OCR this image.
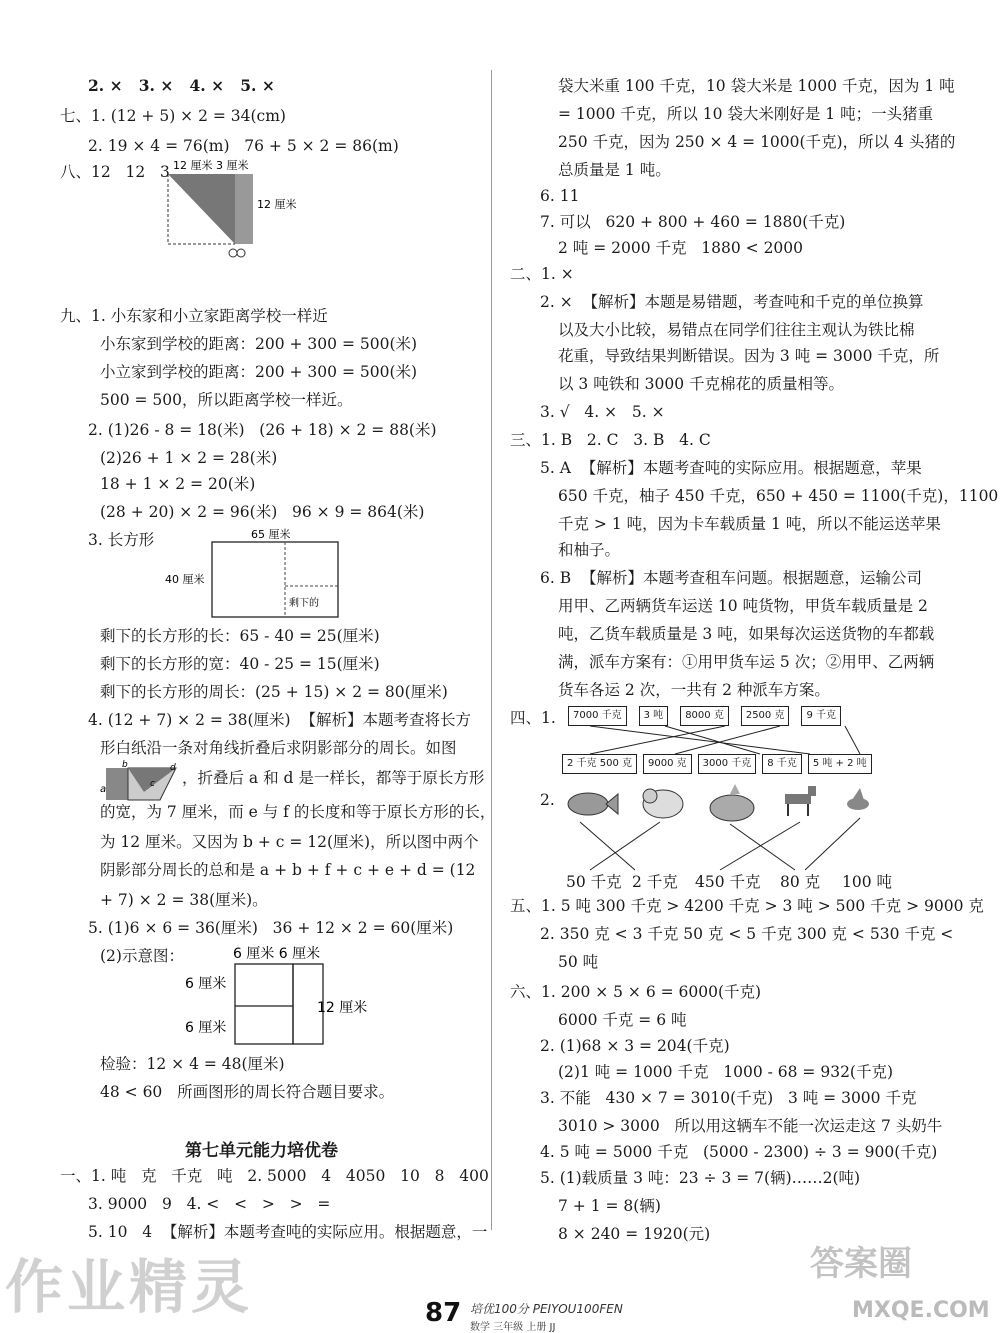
2. ×   3. ×   4. ×   5. ×
七、1. (12 + 5) × 2 = 34(cm)
2. 19 × 4 = 76(m)   76 + 5 × 2 = 86(m)
八、12   12   3 12 厘米 3 厘米
12 厘米
九、1. 小东家和小立家距离学校一样近
小东家到学校的距离：200 + 300 = 500(米)
小立家到学校的距离：200 + 300 = 500(米)
500 = 500，所以距离学校一样近。
2. (1)26 - 8 = 18(米)   (26 + 18) × 2 = 88(米)
(2)26 + 1 × 2 = 28(米)
18 + 1 × 2 = 20(米)
(28 + 20) × 2 = 96(米)   96 × 9 = 864(米)
3. 长方形	65 厘米
40 厘米
剩下的
剩下的长方形的长：65 - 40 = 25(厘米)
剩下的长方形的宽：40 - 25 = 15(厘米)
剩下的长方形的周长：(25 + 15) × 2 = 80(厘米)
4. (12 + 7) × 2 = 38(厘米)  【解析】本题考查将长方
形白纸沿一条对角线折叠后求阴影部分的周长。如图
a
b
c
d
，折叠后 a 和 d 是一样长，都等于原长方形
的宽，为 7 厘米，而 e 与 f 的长度和等于原长方形的长，
为 12 厘米。又因为 b + c = 12(厘米)，所以图中两个
阴影部分周长的总和是 a + b + f + c + e + d = (12
+ 7) × 2 = 38(厘米)。
5. (1)6 × 6 = 36(厘米)   36 + 12 × 2 = 60(厘米)
(2)示意图：	6 厘米 6 厘米
6 厘米
6 厘米
12 厘米
检验：12 × 4 = 48(厘米)
48 < 60   所画图形的周长符合题目要求。
第七单元能力培优卷
一、1. 吨   克   千克   吨   2. 5000   4   4050   10   8   400
3. 9000   9   4. <   <   >   >   =
5. 10   4  【解析】本题考查吨的实际应用。根据题意，一
袋大米重 100 千克，10 袋大米是 1000 千克，因为 1 吨
= 1000 千克，所以 10 袋大米刚好是 1 吨；一头猪重
250 千克，因为 250 × 4 = 1000(千克)，所以 4 头猪的
总质量是 1 吨。
6. 11
7. 可以   620 + 800 + 460 = 1880(千克)
2 吨 = 2000 千克   1880 < 2000
二、1. ×
2. ×  【解析】本题是易错题，考查吨和千克的单位换算
以及大小比较，易错点在同学们往往主观认为铁比棉
花重，导致结果判断错误。因为 3 吨 = 3000 千克，所
以 3 吨铁和 3000 千克棉花的质量相等。
3. √   4. ×   5. ×
三、1. B   2. C   3. B   4. C
5. A  【解析】本题考查吨的实际应用。根据题意，苹果
650 千克，柚子 450 千克，650 + 450 = 1100(千克)，1100
千克 > 1 吨，因为卡车载质量 1 吨，所以不能运送苹果
和柚子。
6. B  【解析】本题考查租车问题。根据题意，运输公司
用甲、乙两辆货车运送 10 吨货物，甲货车载质量是 2
吨，乙货车载质量是 3 吨，如果每次运送货物的车都载
满，派车方案有：①用甲货车运 5 次；②用甲、乙两辆
货车各运 2 次，一共有 2 种派车方案。
四、1.	7000 千克	3 吨	8000 克	2500 克	9 千克
2 千克 500 克	9000 克	3000 千克	8 千克	5 吨 + 2 吨
2.
50 千克 2 千克 450 千克 80 克 100 吨
五、1. 5 吨 300 千克 > 4200 千克 > 3 吨 > 500 千克 > 9000 克
2. 350 克 < 3 千克 50 克 < 5 千克 300 克 < 530 千克 <
50 吨
六、1. 200 × 5 × 6 = 6000(千克)
6000 千克 = 6 吨
2. (1)68 × 3 = 204(千克)
(2)1 吨 = 1000 千克   1000 - 68 = 932(千克)
3. 不能   430 × 7 = 3010(千克)   3 吨 = 3000 千克
3010 > 3000   所以用这辆车不能一次运走这 7 头奶牛
4. 5 吨 = 5000 千克   (5000 - 2300) ÷ 3 = 900(千克)
5. (1)载质量 3 吨：23 ÷ 3 = 7(辆)……2(吨)
7 + 1 = 8(辆)
8 × 240 = 1920(元)
作业精灵	答案圈
MXQE.COM
87 培优100分 PEIYOU100FEN
数学 三年级 上册 JJ
